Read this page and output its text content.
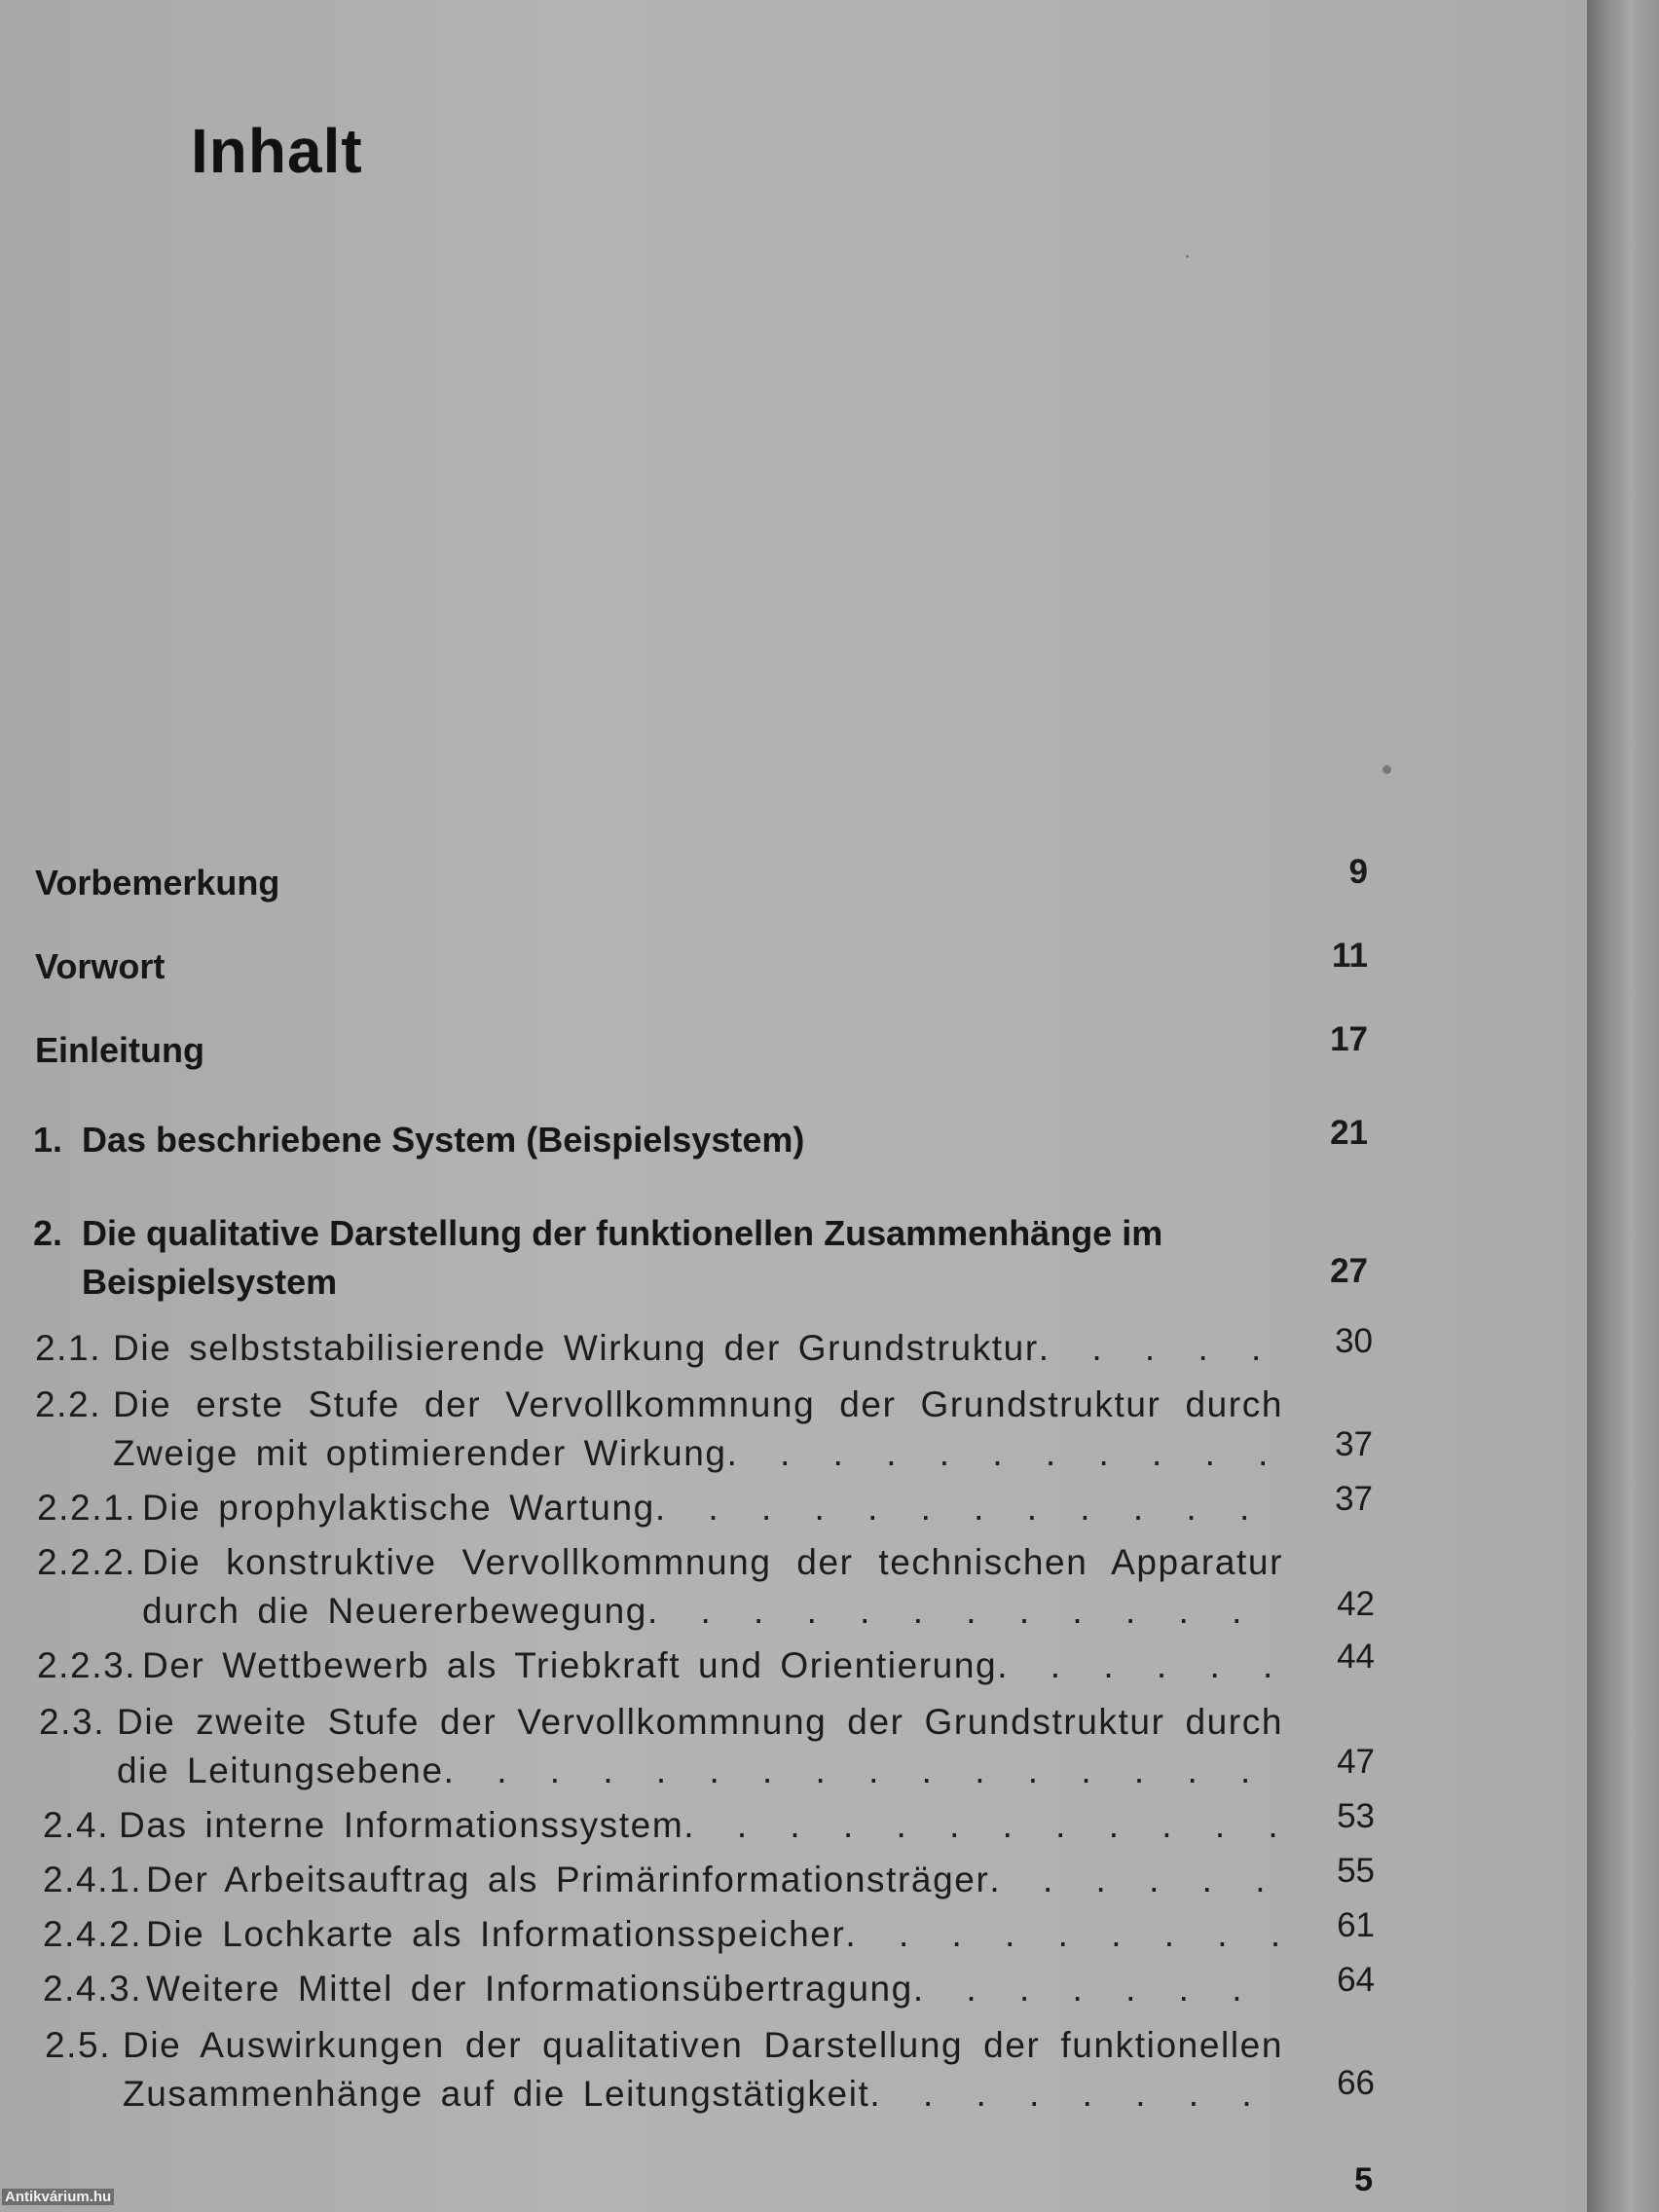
Inhalt
Vorbemerkung	9
Vorwort	11
Einleitung	17
1. Das beschriebene System (Beispielsystem)	21
2. Die qualitative Darstellung der funktionellen Zusammenhänge im
Beispielsystem	27
2.1. Die selbststabilisierende Wirkung der Grundstruktur . . .	30
2.2. Die erste Stufe der Vervollkommnung der Grundstruktur durch
Zweige mit optimierender Wirkung . . .	37
2.2.1. Die prophylaktische Wartung . . .	37
2.2.2. Die konstruktive Vervollkommnung der technischen Apparatur
durch die Neuererbewegung . . .	42
2.2.3. Der Wettbewerb als Triebkraft und Orientierung . . .	44
2.3. Die zweite Stufe der Vervollkommnung der Grundstruktur durch
die Leitungsebene . . .	47
2.4. Das interne Informationssystem . . .	53
2.4.1. Der Arbeitsauftrag als Primärinformationsträger . . .	55
2.4.2. Die Lochkarte als Informationsspeicher . . .	61
2.4.3. Weitere Mittel der Informationsübertragung . . .	64
2.5. Die Auswirkungen der qualitativen Darstellung der funktionellen
Zusammenhänge auf die Leitungstätigkeit . . .	66
5
Antikvárium.hu
